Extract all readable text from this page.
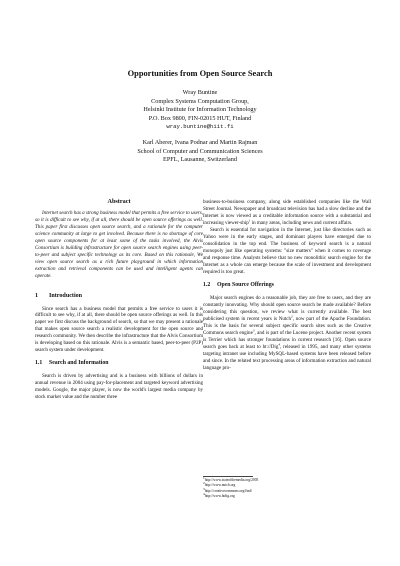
Opportunities from Open Source Search
Wray Buntine
Complex Systems Computation Group,
Helsinki Institute for Information Technology
P.O. Box 9800, FIN-02015 HUT, Finland
wray.buntine@hiit.fi
Karl Aberer, Ivana Podnar and Martin Rajman
School of Computer and Communication Sciences
EPFL, Lausanne, Switzerland
Abstract

Internet search has a strong business model that permits a free service to users, so it is difficult to see why, if at all, there should be open source offerings as well. This paper first discusses open source search, and a rationale for the computer science community at large to get involved. Because there is no shortage of core open source components for at least some of the tasks involved, the Alvis Consortium is building infrastructure for open source search engines using peer-to-peer and subject specific technology as its core. Based on this rationale, We view open source search as a rich future playground in which information extraction and retrieval components can be used and intelligent agents can operate.

1 Introduction

Since search has a business model that permits a free service to users it is difficult to see why, if at all, there should be open source offerings as well. In this paper we first discuss the background of search, so that we may present a rationale that makes open source search a realistic development for the open source and research community. We then describe the infrastructure that the Alvis Consortium is developing based on this rationale. Alvis is a semantic based, peer-to-peer (P2P) search system under development.

1.1 Search and Information

Search is driven by advertising and is a business with billions of dollars in annual revenue in 2004 using pay-for-placement and targeted keyword advertising models. Google, the major player, is now the world's largest media company by stock market value and the number three

business-to-business company, along side established companies like the Wall Street Journal. Newspaper and broadcast television has had a slow decline and the Internet is now viewed as a creditable information source with a substantial and increasing viewer-ship$^1$ in many areas, including news and current affairs.

Search is essential for navigation in the Internet, just like directories such as Yahoo were in the early stages, and dominant players have emerged due to consolidation in the top end. The business of keyword search is a natural monopoly just like operating systems: "size matters" when it comes to coverage and response time. Analysts believe that no new monolithic search engine for the Internet as a whole can emerge because the scale of investment and development required is too great.

1.2 Open Source Offerings

Major search engines do a reasonable job, they are free to users, and they are constantly innovating. Why should open source search be made available? Before considering this question, we review what is currently available. The best publicised system in recent years is Nutch$^2$, now part of the Apache Foundation. This is the basis for several subject specific search sites such as the Creative Commons search engine$^3$, and is part of the Lucene project. Another recent system is Terrier which has stronger foundations in current research [16]. Open source search goes back at least to ht://Dig$^4$, released in 1995, and many other systems targeting intranet use including MySQL-based systems have been released before and since. In the related text processing areas of information extraction and natural language pro-

1http://www.stateofthemedia.org/2005
2http://www.nutch.org
3http://creativecommons.org/find/
4http://www.htdig.org
